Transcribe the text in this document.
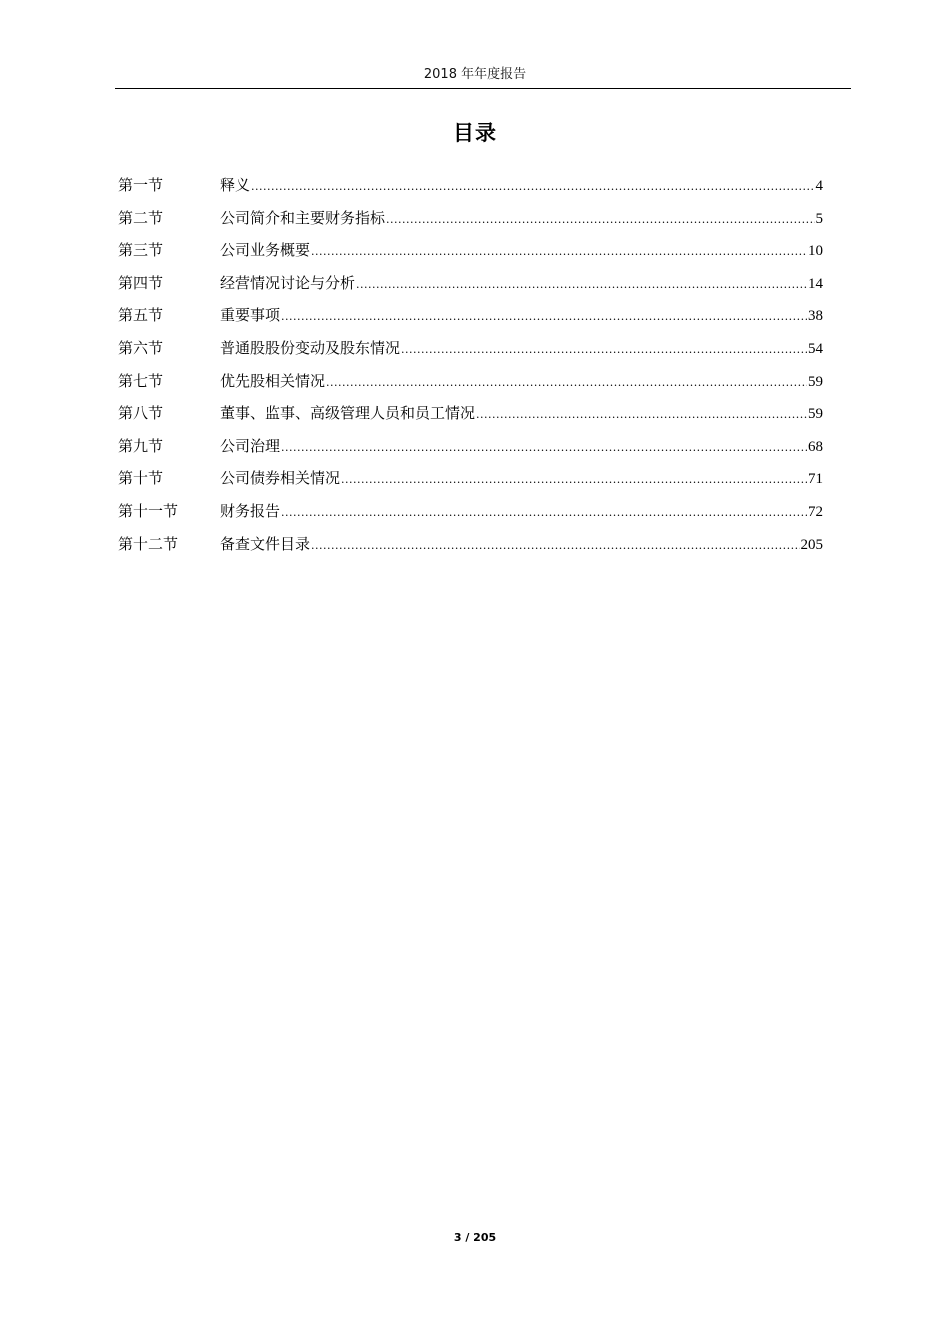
2018 年年度报告
目录
第一节	释义 .....	4
第二节	公司简介和主要财务指标 .....	5
第三节	公司业务概要 .....	10
第四节	经营情况讨论与分析 .....	14
第五节	重要事项 .....	38
第六节	普通股股份变动及股东情况 .....	54
第七节	优先股相关情况 .....	59
第八节	董事、监事、高级管理人员和员工情况 .....	59
第九节	公司治理 .....	68
第十节	公司债券相关情况 .....	71
第十一节	财务报告 .....	72
第十二节	备查文件目录 .....	205
3 / 205
